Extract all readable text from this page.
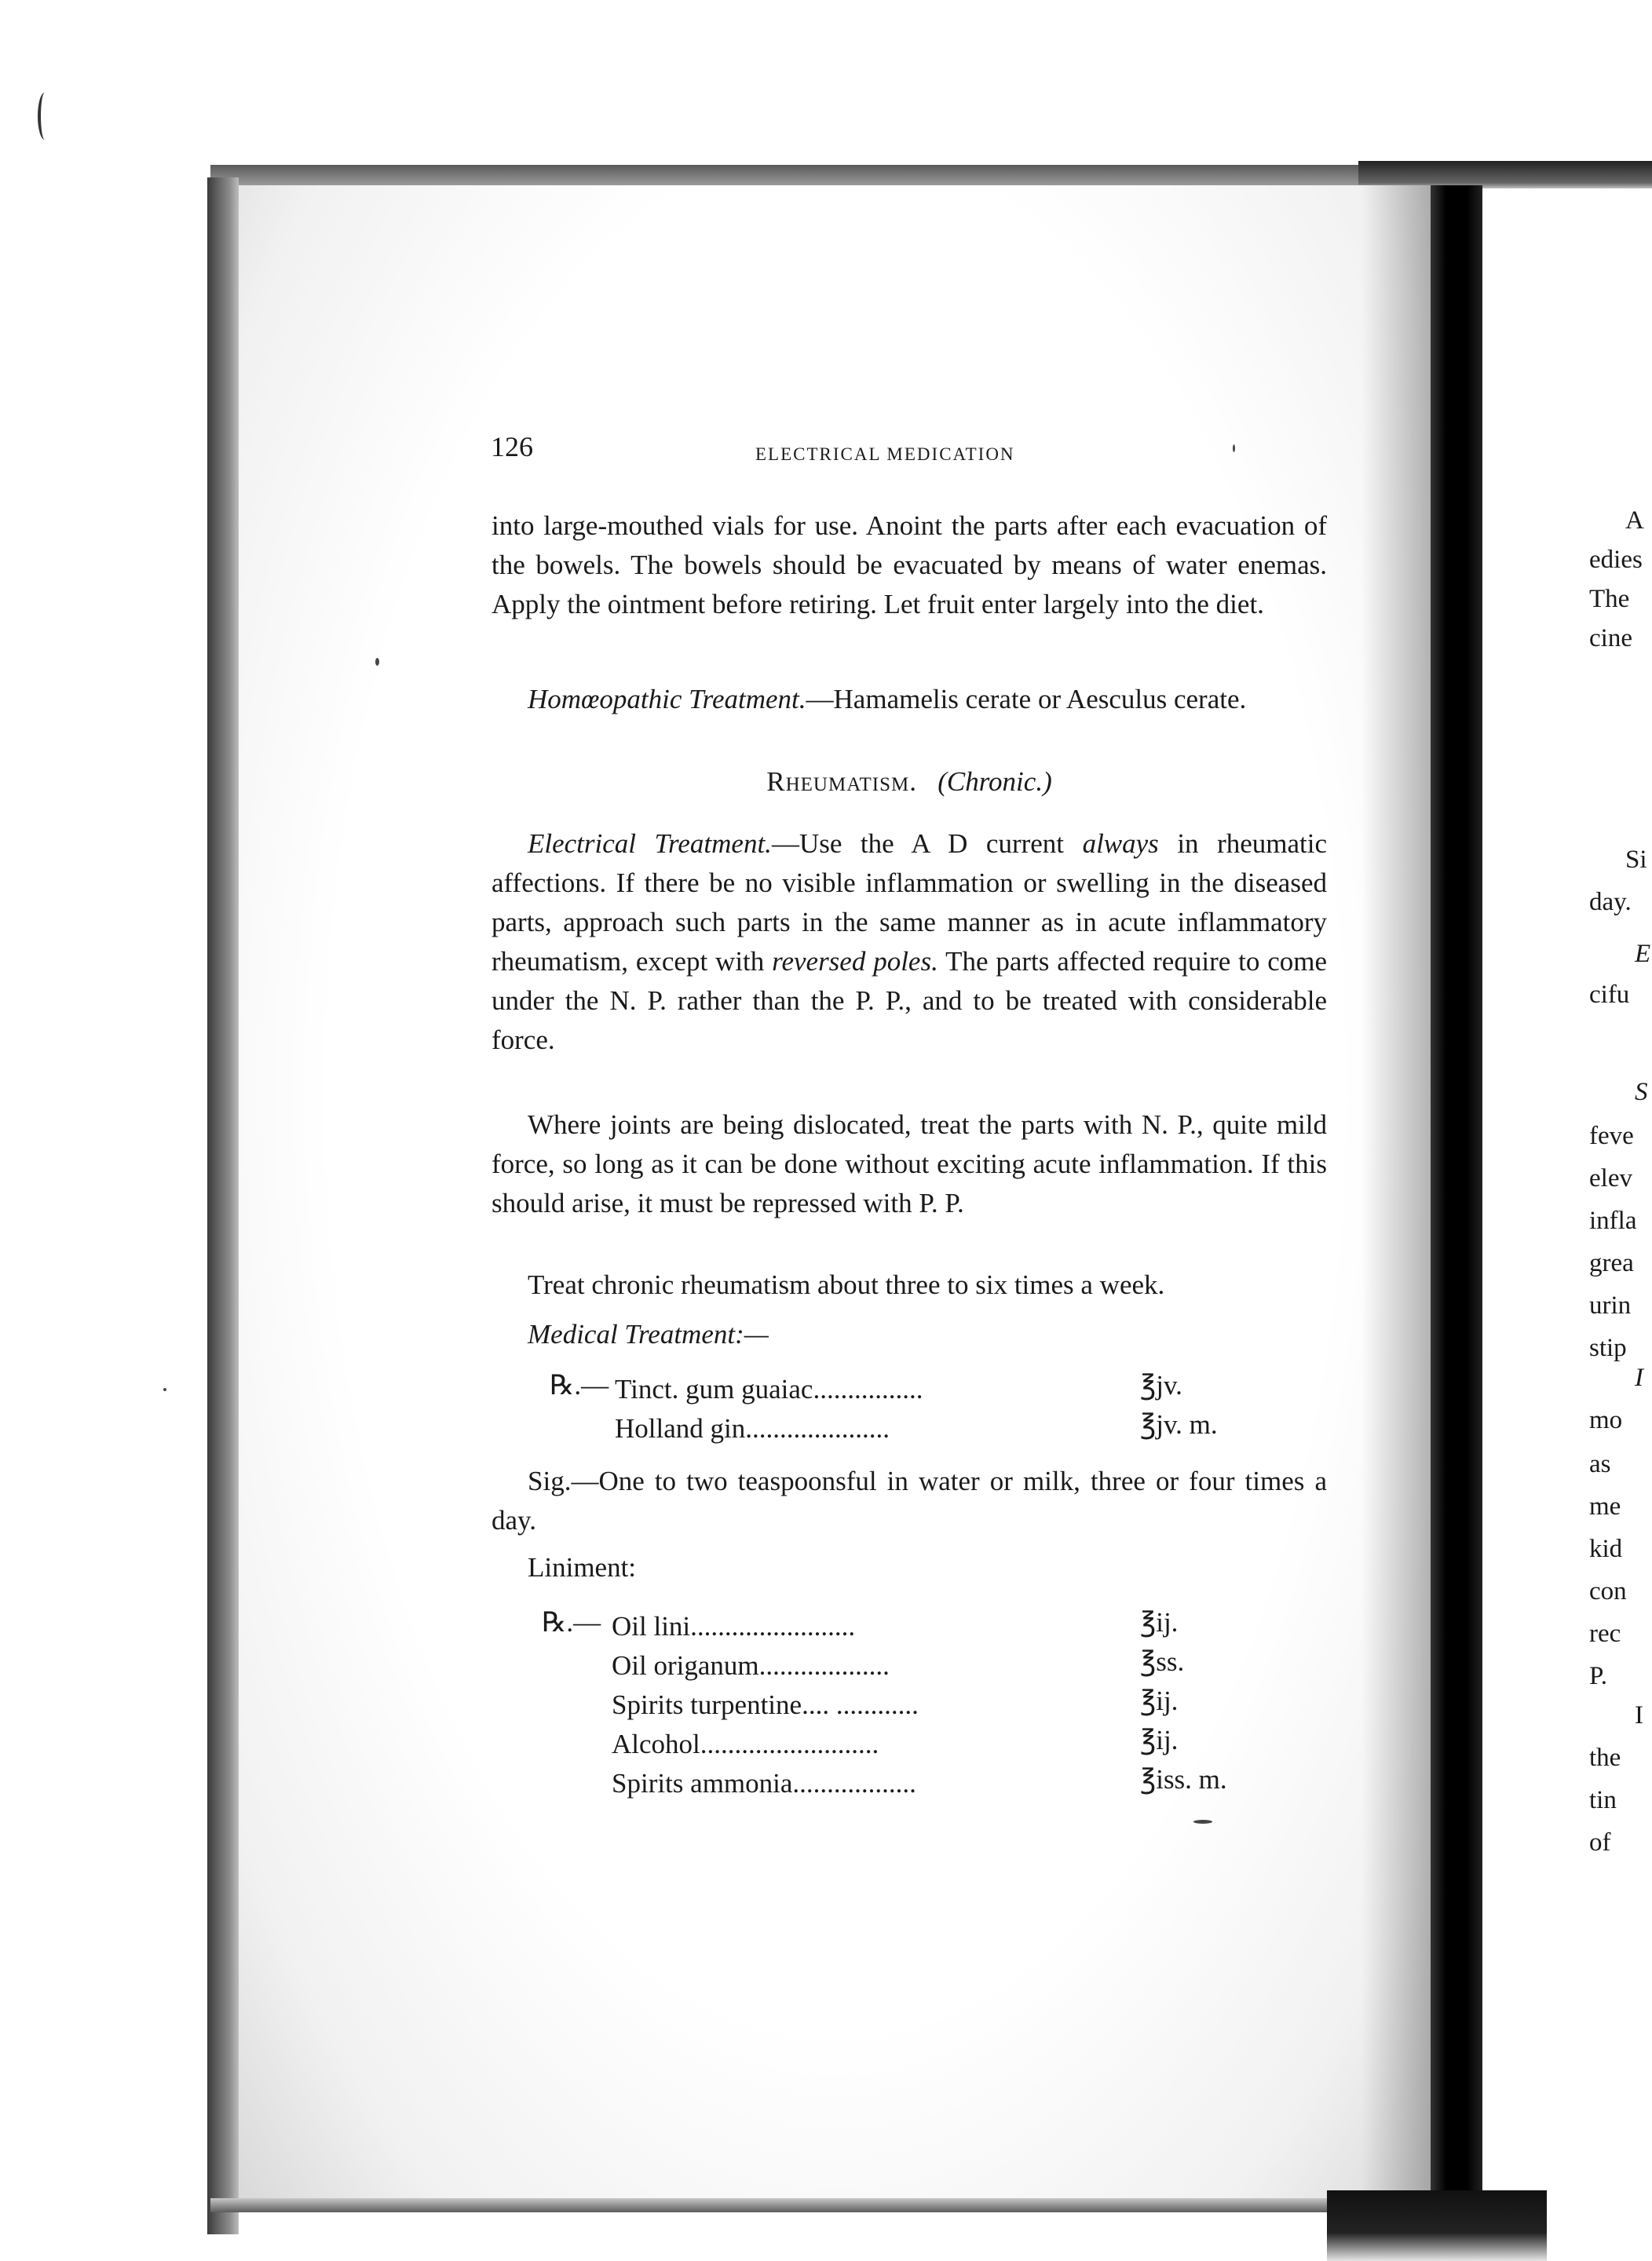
126	ELECTRICAL MEDICATION

into large-mouthed vials for use. Anoint the parts after each evacuation of the bowels. The bowels should be evacuated by means of water enemas. Apply the ointment before retiring. Let fruit enter largely into the diet.

Homœopathic Treatment.—Hamamelis cerate or Aesculus cerate.

Rheumatism. (Chronic.)

Electrical Treatment.—Use the A D current always in rheumatic affections. If there be no visible inflammation or swelling in the diseased parts, approach such parts in the same manner as in acute inflammatory rheumatism, except with reversed poles. The parts affected require to come under the N. P. rather than the P. P., and to be treated with considerable force.

Where joints are being dislocated, treat the parts with N. P., quite mild force, so long as it can be done without exciting acute inflammation. If this should arise, it must be repressed with P. P.

Treat chronic rheumatism about three to six times a week.

Medical Treatment:—

℞.— Tinct. gum guaiac................	℥jv.
Holland gin.....................	℥jv. m.

Sig.—One to two teaspoonsful in water or milk, three or four times a day.

Liniment:

℞.— Oil lini........................	℥ij.
Oil origanum...................	℥ss.
Spirits turpentine.... ............	℥ij.
Alcohol..........................	℥ij.
Spirits ammonia..................	℥iss. m.
A
edies
The
cine
Si
day.
E
cifu
S
feve
elev
infla
grea
urin
stip
I
mo
as
me
kid
con
rec
P.
I
the
tin
of
